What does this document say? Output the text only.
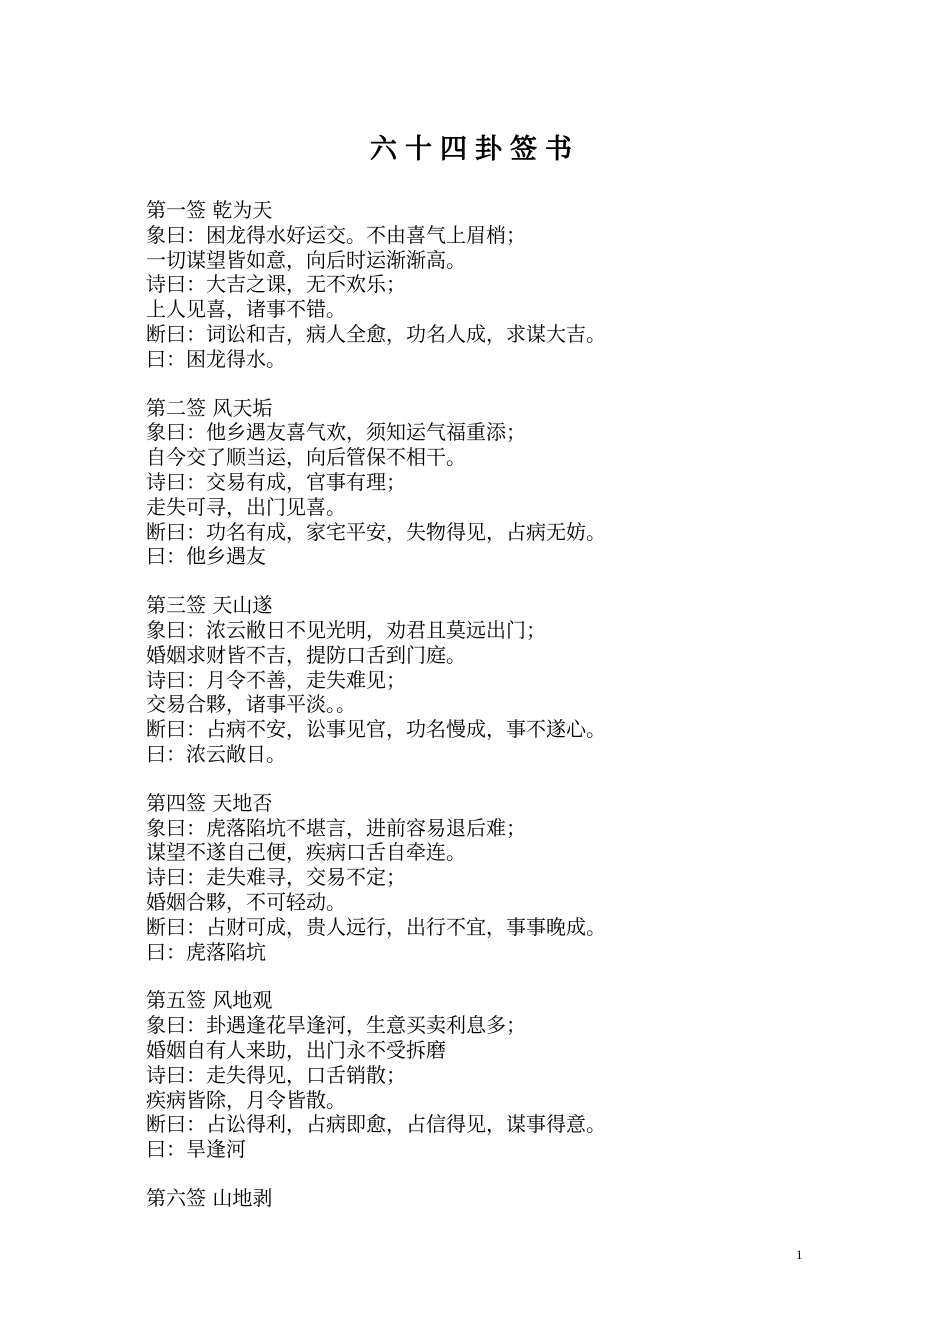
六十四卦签书
第一签 乾为天

象曰：困龙得水好运交。不由喜气上眉梢；

一切谋望皆如意，向后时运渐渐高。

诗曰：大吉之课，无不欢乐；

上人见喜，诸事不错。

断曰：词讼和吉，病人全愈，功名人成，求谋大吉。

曰：困龙得水。

第二签 风天垢

象曰：他乡遇友喜气欢，须知运气福重添；

自今交了顺当运，向后管保不相干。

诗曰：交易有成，官事有理；

走失可寻，出门见喜。

断曰：功名有成，家宅平安，失物得见，占病无妨。

曰：他乡遇友

第三签 天山遂

象曰：浓云敝日不见光明，劝君且莫远出门；

婚姻求财皆不吉，提防口舌到门庭。

诗曰：月令不善，走失难见；

交易合夥，诸事平淡。。

断曰：占病不安，讼事见官，功名慢成，事不遂心。

曰：浓云敞日。

第四签 天地否

象曰：虎落陷坑不堪言，进前容易退后难；

谋望不遂自己便，疾病口舌自牵连。

诗曰：走失难寻，交易不定；

婚姻合夥，不可轻动。

断曰：占财可成，贵人远行，出行不宜，事事晚成。

曰：虎落陷坑

第五签 风地观

象曰：卦遇逢花旱逢河，生意买卖利息多；

婚姻自有人来助，出门永不受拆磨

诗曰：走失得见，口舌销散；

疾病皆除，月令皆散。

断曰：占讼得利，占病即愈，占信得见，谋事得意。

曰：旱逢河

第六签 山地剥
1
